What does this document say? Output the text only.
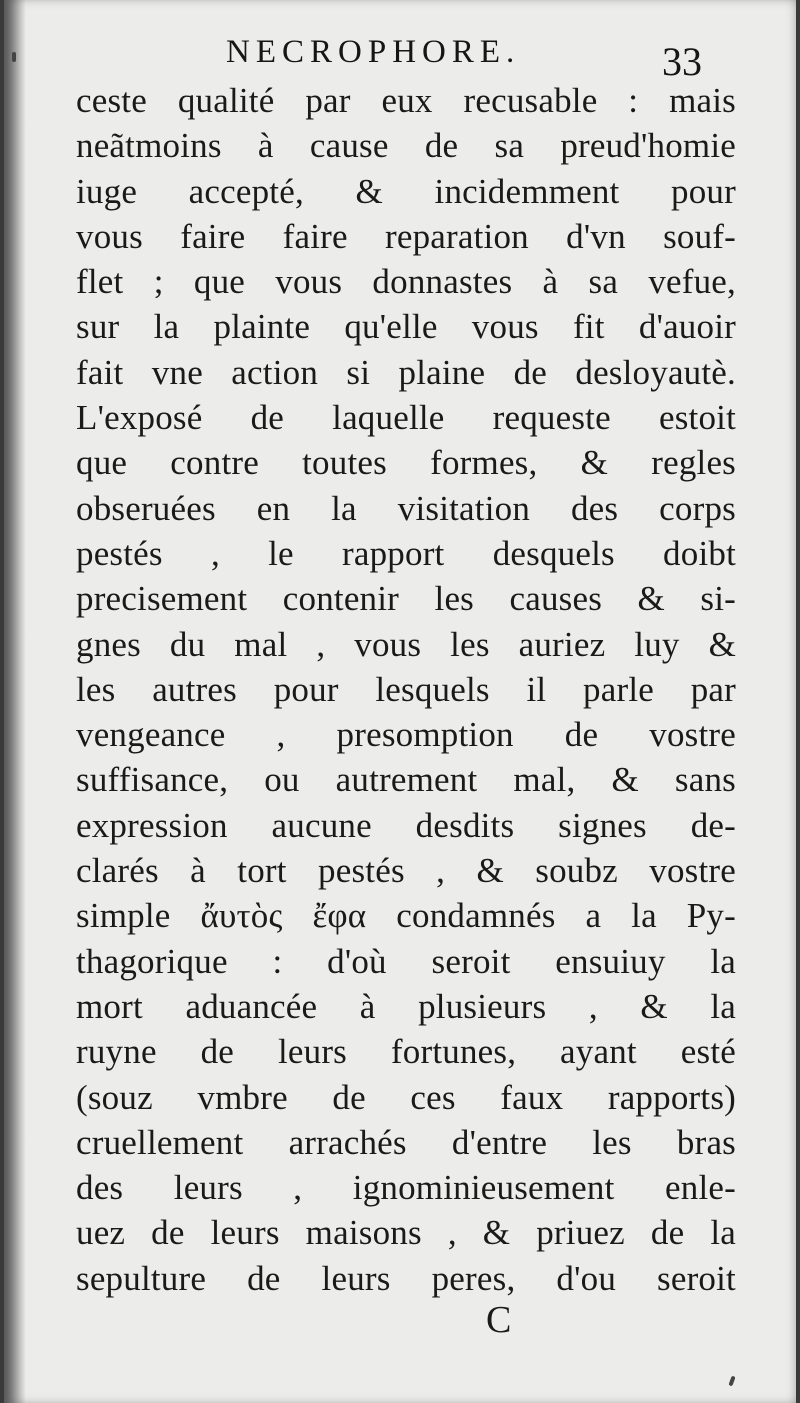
NECROPHORE.	33
ceste qualité par eux recusable : mais
neãtmoins à cause de sa preud'homie
iuge accepté, & incidemment pour
vous faire faire reparation d'vn souf-
flet ; que vous donnastes à sa vefue,
sur la plainte qu'elle vous fit d'auoir
fait vne action si plaine de desloyautè.
L'exposé de laquelle requeste estoit
que contre toutes formes, & regles
obseruées en la visitation des corps
pestés , le rapport desquels doibt
precisement contenir les causes & si-
gnes du mal , vous les auriez luy &
les autres pour lesquels il parle par
vengeance , presomption de vostre
suffisance, ou autrement mal, & sans
expression aucune desdits signes de-
clarés à tort pestés , & soubz vostre
simple ἄυτὸς ἔφα condamnés a la Py-
thagorique : d'où seroit ensuiuy la
mort aduancée à plusieurs , & la
ruyne de leurs fortunes, ayant esté
(souz vmbre de ces faux rapports)
cruellement arrachés d'entre les bras
des leurs , ignominieusement enle-
uez de leurs maisons , & priuez de la
sepulture de leurs peres, d'ou seroit
C
